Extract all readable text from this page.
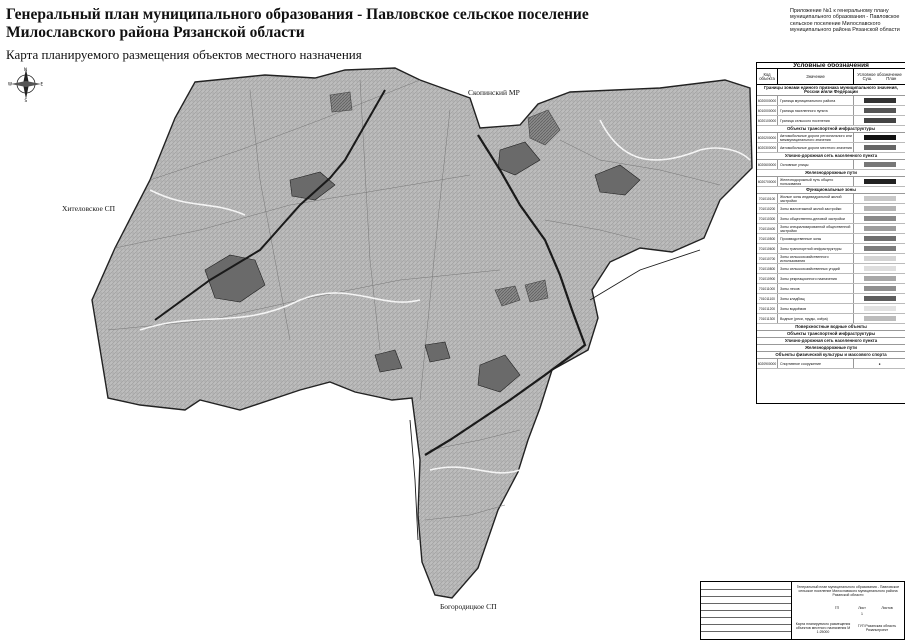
Генеральный план муниципального образования - Павловское сельское поселение
Милославского района Рязанской области
Карта планируемого размещения объектов местного назначения
Приложение №1 к генеральному плану муниципального образования - Павловское сельское поселение Милославского муниципального района Рязанской области
Скопинский МР
Хителовское СП
Богородицкое СП
N
S
W	E
Условные обозначения
Код объекта	Значение	Условное обозначение
Суш.	План
Границы зонами единого признака муниципального значения, России и/или Федерации
6020000000	Граница муниципального района
6010000000	Граница населенного пункта
6020100000	Граница сельского поселения
Объекты транспортной инфраструктуры
6020200000	Автомобильные дороги регионального или межмуниципального значения
6020300000	Автомобильные дороги местного значения
Улично-дорожная сеть населенного пункта
6020600000	Основные улицы
Железнодорожные пути
6020700000	Железнодорожный путь общего пользования
Функциональные зоны
701010100	Жилые зоны индивидуальной жилой застройки
701010200	Зоны малоэтажной жилой застройки
701010300	Зоны общественно-деловой застройки
701010400	Зоны специализированной общественной застройки
701010500	Производственные зоны
701010600	Зоны транспортной инфраструктуры
701010700	Зоны сельскохозяйственного использования
701010800	Зоны сельскохозяйственных угодий
701010900	Зоны рекреационного назначения
701011000	Зоны лесов
701011100	Зоны кладбищ
701011200	Зоны водоёмов
701011300	Водные (реки, пруды, озёра)
Поверхностные водные объекты
Объекты транспортной инфраструктуры
Улично-дорожная сеть населенного пункта
Железнодорожные пути
Объекты физической культуры и массового спорта
6020900000	Спортивное сооружение	●
Генеральный план муниципального образования - Павловское сельское поселение Милославского муниципального района Рязанской области
ГП	Лист	Листов
1
Карта планируемого размещения объектов местного назначения М 1:25000
ГУП Рязанская область Рязаньпроект
